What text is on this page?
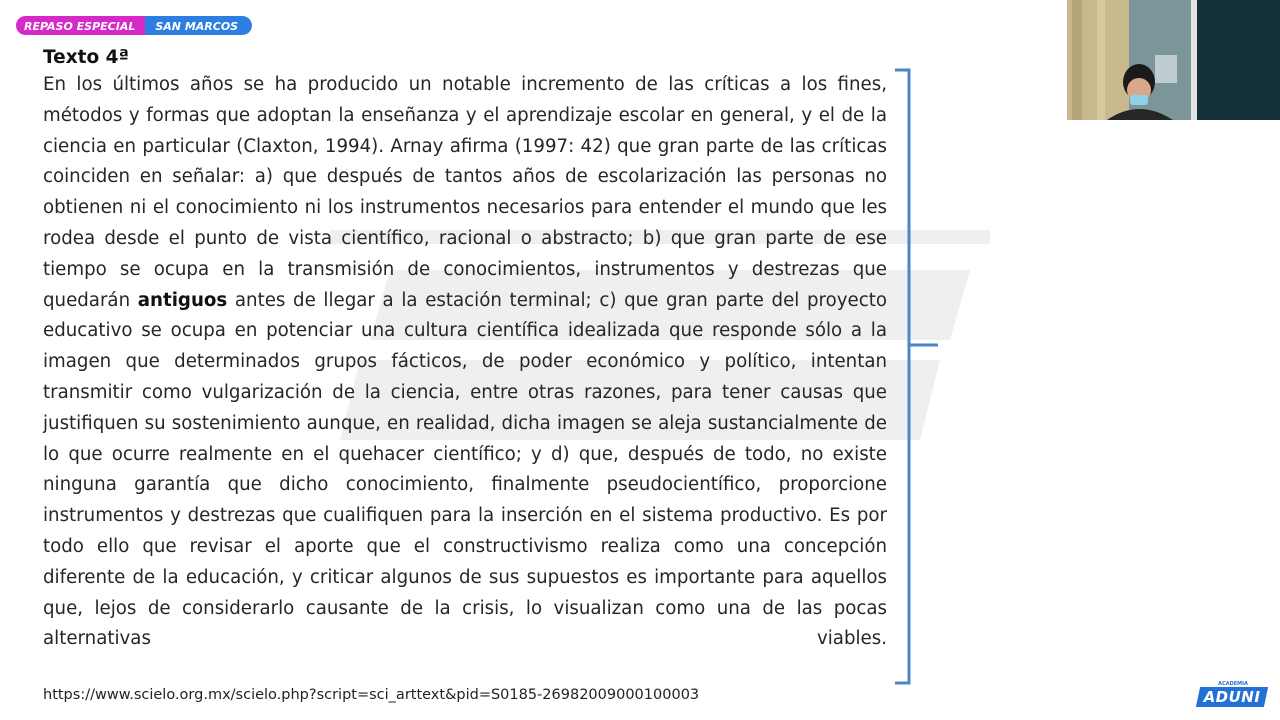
REPASO ESPECIAL	SAN MARCOS
Texto 4ª

En los últimos años se ha producido un notable incremento de las críticas a los fines, métodos y formas que adoptan la enseñanza y el aprendizaje escolar en general, y el de la ciencia en particular (Claxton, 1994). Arnay afirma (1997: 42) que gran parte de las críticas coinciden en señalar: a) que después de tantos años de escolarización las personas no obtienen ni el conocimiento ni los instrumentos necesarios para entender el mundo que les rodea desde el punto de vista científico, racional o abstracto; b) que gran parte de ese tiempo se ocupa en la transmisión de conocimientos, instrumentos y destrezas que quedarán antiguos antes de llegar a la estación terminal; c) que gran parte del proyecto educativo se ocupa en potenciar una cultura científica idealizada que responde sólo a la imagen que determinados grupos fácticos, de poder económico y político, intentan transmitir como vulgarización de la ciencia, entre otras razones, para tener causas que justifiquen su sostenimiento aunque, en realidad, dicha imagen se aleja sustancialmente de lo que ocurre realmente en el quehacer científico; y d) que, después de todo, no existe ninguna garantía que dicho conocimiento, finalmente pseudocientífico, proporcione instrumentos y destrezas que cualifiquen para la inserción en el sistema productivo. Es por todo ello que revisar el aporte que el constructivismo realiza como una concepción diferente de la educación, y criticar algunos de sus supuestos es importante para aquellos que, lejos de considerarlo causante de la crisis, lo visualizan como una de las pocas alternativas viables.

https://www.scielo.org.mx/scielo.php?script=sci_arttext&pid=S0185-26982009000100003
ACADEMIA
ADUNI
